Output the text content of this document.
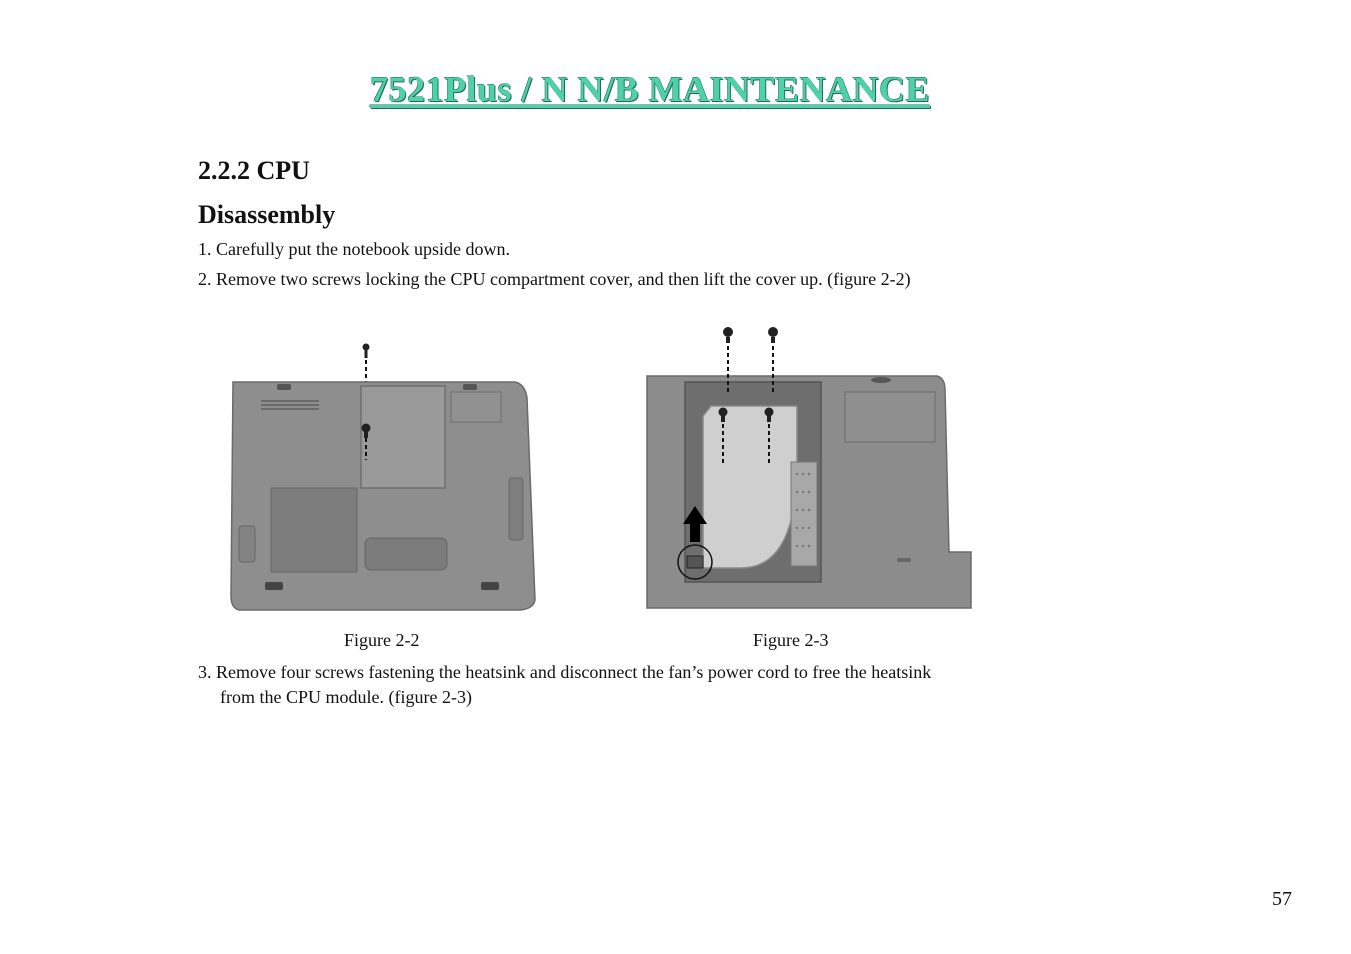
7521Plus / N N/B MAINTENANCE
2.2.2 CPU
Disassembly

1. Carefully put the notebook upside down.

2. Remove two screws locking the CPU compartment cover, and then lift the cover up. (figure 2-2)

Figure 2-2	Figure 2-3

3. Remove four screws fastening the heatsink and disconnect the fan’s power cord to free the heatsink

from the CPU module. (figure 2-3)

57
